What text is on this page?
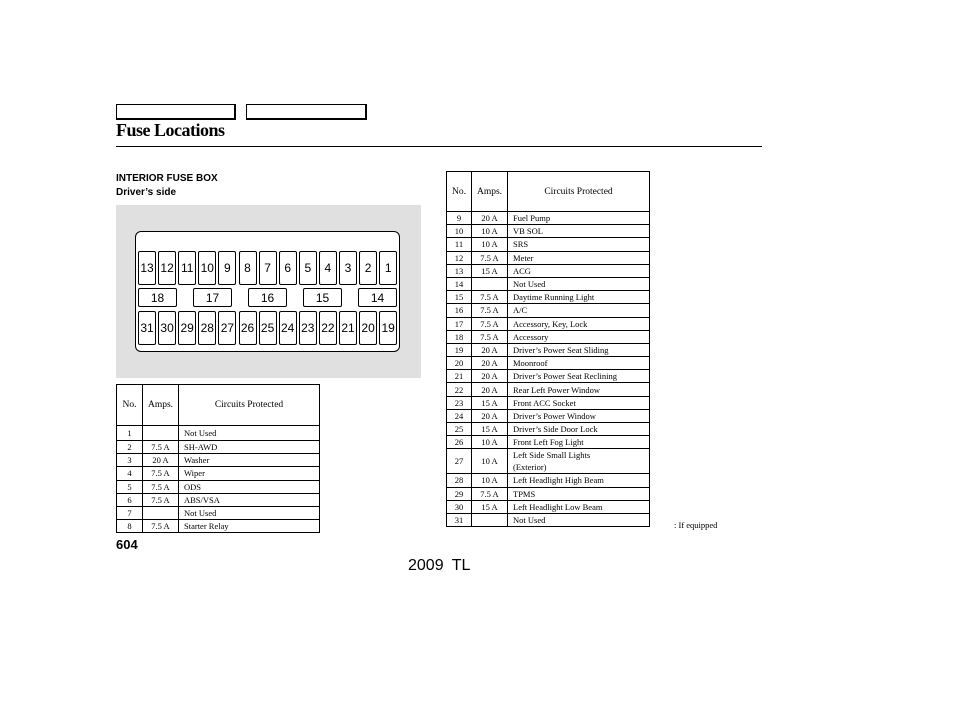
Fuse Locations
INTERIOR FUSE BOX
Driver’s side
13 12 11 10 9	8	7	6	5	4	3	2	1
18	17	16	15	14
31 30 29 28 27 26 25 24 23 22 21 20 19
No.	Amps.	Circuits Protected
1		Not Used
2	7.5 A	SH-AWD
3	20 A	Washer
4	7.5 A	Wiper
5	7.5 A	ODS
6	7.5 A	ABS/VSA
7		Not Used
8	7.5 A	Starter Relay
No.	Amps.	Circuits Protected
9	20 A	Fuel Pump
10	10 A	VB SOL
11	10 A	SRS
12	7.5 A	Meter
13	15 A	ACG
14		Not Used
15	7.5 A	Daytime Running Light
16	7.5 A	A/C
17	7.5 A	Accessory, Key, Lock
18	7.5 A	Accessory
19	20 A	Driver’s Power Seat Sliding
20	20 A	Moonroof
21	20 A	Driver’s Power Seat Reclining
22	20 A	Rear Left Power Window
23	15 A	Front ACC Socket
24	20 A	Driver’s Power Window
25	15 A	Driver’s Side Door Lock
26	10 A	Front Left Fog Light
27	10 A	Left Side Small Lights
(Exterior)

28	10 A	Left Headlight High Beam
29	7.5 A	TPMS
30	15 A	Left Headlight Low Beam
31		Not Used	: If equipped
604
2009 TL
